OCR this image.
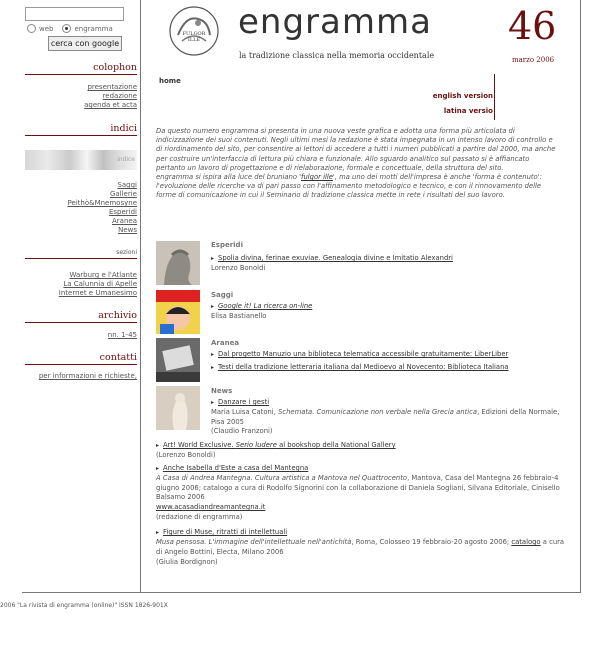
web	engramma
cerca con google
colophon
presentazione
redazione
agenda et acta
indici
indice
Saggi
Gallerie
Peithò&Mnemosyne
Esperidi
Aranea
News
sezioni
Warburg e l'Atlante
La Calunnia di Apelle
Internet e Umanesimo
archivio
nn. 1-45
contatti
per informazioni e richieste,
FULGOR ILLE	engramma
la tradizione classica nella memoria occidentale
46
marzo 2006
home
english version
latina versio
Da questo numero engramma si presenta in una nuova veste grafica e adotta una forma più articolata di indicizzazione dei suoi contenuti. Negli ultimi mesi la redazione è stata impegnata in un intenso lavoro di controllo e di riordinamento del sito, per consentire ai lettori di accedere a tutti i numeri pubblicati a partire dal 2000, ma anche per costruire un'interfaccia di lettura più chiara e funzionale. Allo sguardo analitico sul passato si è affiancato pertanto un lavoro di progettazione e di rielaborazione, formale e concettuale, della struttura del sito.
engramma si ispira alla luce del bruniano 'fulgor ille', ma uno dei motti dell'impresa è anche 'forma è contenuto': l'evoluzione delle ricerche va di pari passo con l'affinamento metodologico e tecnico, e con il rinnovamento delle forme di comunicazione in cui il Seminario di tradizione classica mette in rete i risultati del suo lavoro.
Esperidi
▸ Spolia divina, ferinae exuviae. Genealogia divine e Imitatio Alexandri
Lorenzo Bonoldi
Saggi
▸ Google it! La ricerca on-line
Elisa Bastianello
Aranea
▸ Dal progetto Manuzio una biblioteca telematica accessibile gratuitamente: LiberLiber
▸ Testi della tradizione letteraria italiana dal Medioevo al Novecento: Biblioteca Italiana
News
▸ Danzare i gesti
Maria Luisa Catoni, Schemata. Comunicazione non verbale nella Grecia antica, Edizioni della Normale, Pisa 2005
(Claudio Franzoni)
▸ Art! World Exclusive. Serio ludere al bookshop della National Gallery
(Lorenzo Bonoldi)
▸ Anche Isabella d'Este a casa del Mantegna
A Casa di Andrea Mantegna. Cultura artistica a Mantova nel Quattrocento, Mantova, Casa del Mantegna 26 febbraio-4 giugno 2006; catalogo a cura di Rodolfo Signorini con la collaborazione di Daniela Sogliani, Silvana Editoriale, Cinisello Balsamo 2006
www.acasadiandreamantegna.it
(redazione di engramma)
▸ Figure di Muse, ritratti di intellettuali
Musa pensosa. L'immagine dell'intellettuale nell'antichità, Roma, Colosseo 19 febbraio-20 agosto 2006; catalogo a cura di Angelo Bottini, Electa, Milano 2006
(Giulia Bordignon)
2006 "La rivista di engramma (online)" ISSN 1826-901X
